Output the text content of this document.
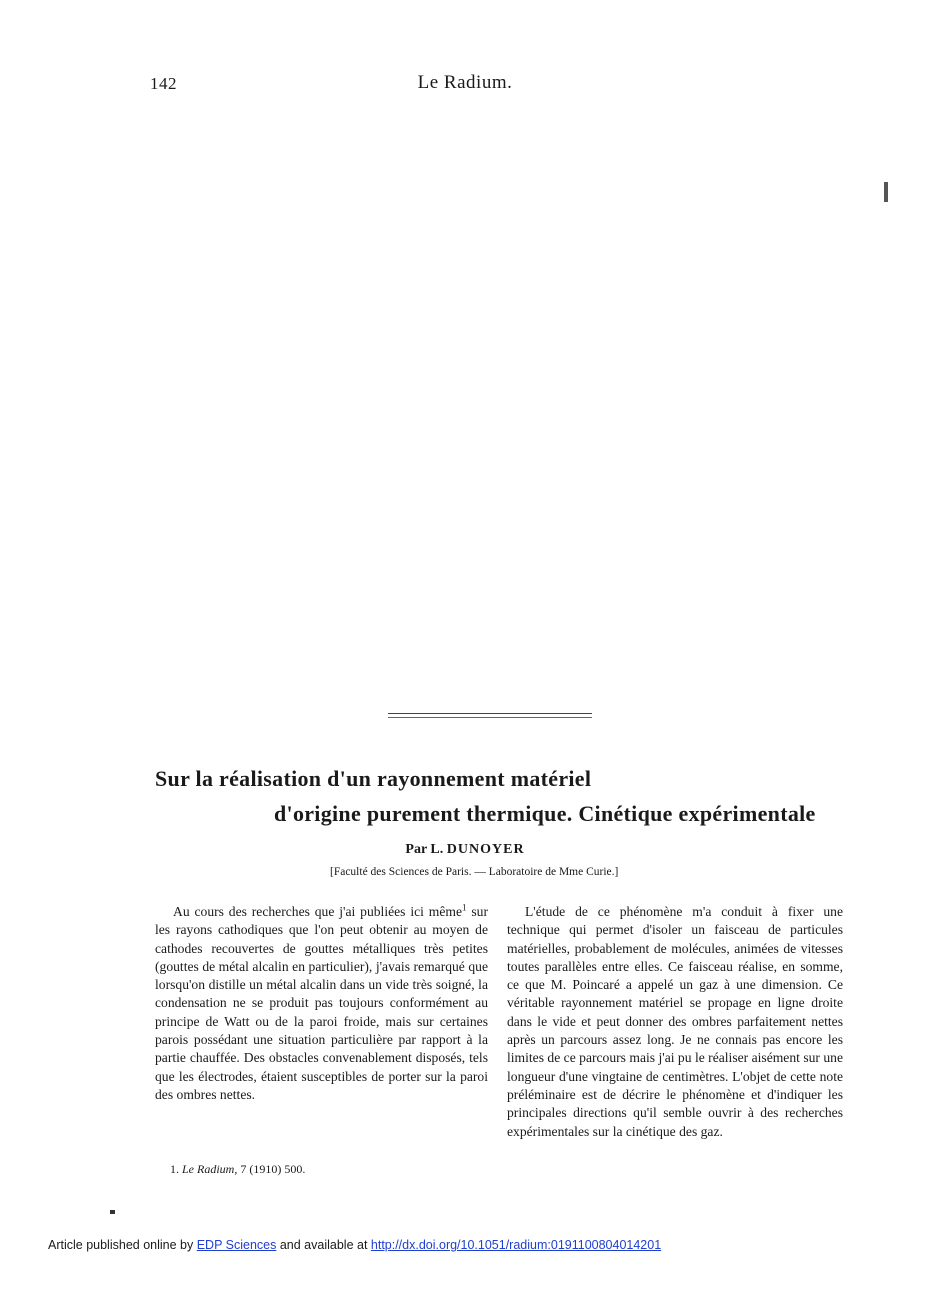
142	Le Radium.
Sur la réalisation d'un rayonnement matériel
d'origine purement thermique. Cinétique expérimentale
Par L. DUNOYER
[Faculté des Sciences de Paris. — Laboratoire de Mme Curie.]

Au cours des recherches que j'ai publiées ici même$^1$ sur les rayons cathodiques que l'on peut obtenir au moyen de cathodes recouvertes de gouttes métalliques très petites (gouttes de métal alcalin en particulier), j'avais remarqué que lorsqu'on distille un métal alcalin dans un vide très soigné, la condensation ne se produit pas toujours conformément au principe de Watt ou de la paroi froide, mais sur certaines parois possédant une situation particulière par rapport à la partie chauffée. Des obstacles convenablement disposés, tels que les électrodes, étaient susceptibles de porter sur la paroi des ombres nettes.

L'étude de ce phénomène m'a conduit à fixer une technique qui permet d'isoler un faisceau de particules matérielles, probablement de molécules, animées de vitesses toutes parallèles entre elles. Ce faisceau réalise, en somme, ce que M. Poincaré a appelé un gaz à une dimension. Ce véritable rayonnement matériel se propage en ligne droite dans le vide et peut donner des ombres parfaitement nettes après un parcours assez long. Je ne connais pas encore les limites de ce parcours mais j'ai pu le réaliser aisément sur une longueur d'une vingtaine de centimètres. L'objet de cette note préléminaire est de décrire le phénomène et d'indiquer les principales directions qu'il semble ouvrir à des recherches expérimentales sur la cinétique des gaz.

1. Le Radium, 7 (1910) 500.
Article published online by EDP Sciences and available at http://dx.doi.org/10.1051/radium:0191100804014201
